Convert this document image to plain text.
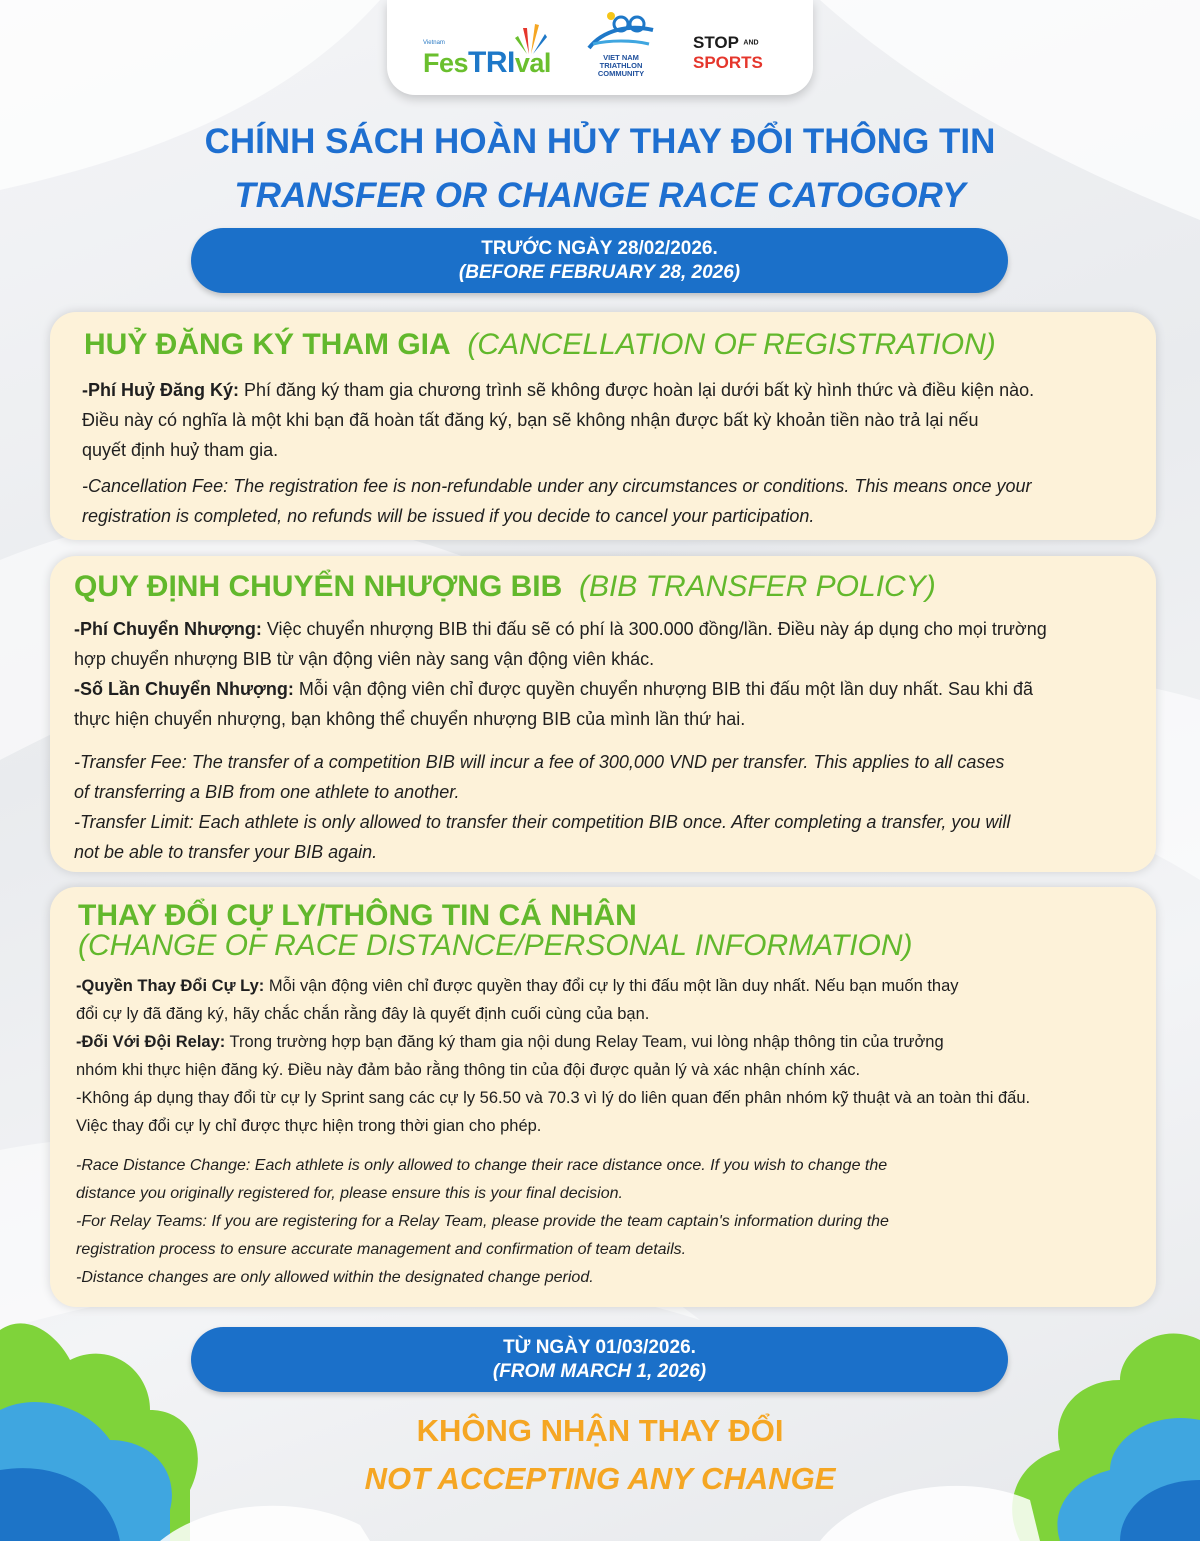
Vietnam
FesTRIval	VIET NAM
TRIATHLON
COMMUNITY
STOP AND
SPORTS
CHÍNH SÁCH HOÀN HỦY THAY ĐỔI THÔNG TIN
TRANSFER OR CHANGE RACE CATOGORY
TRƯỚC NGÀY 28/02/2026.
(BEFORE FEBRUARY 28, 2026)
HUỶ ĐĂNG KÝ THAM GIA (CANCELLATION OF REGISTRATION)
-Phí Huỷ Đăng Ký: Phí đăng ký tham gia chương trình sẽ không được hoàn lại dưới bất kỳ hình thức và điều kiện nào.
Điều này có nghĩa là một khi bạn đã hoàn tất đăng ký, bạn sẽ không nhận được bất kỳ khoản tiền nào trả lại nếu
quyết định huỷ tham gia.
-Cancellation Fee: The registration fee is non-refundable under any circumstances or conditions. This means once your
registration is completed, no refunds will be issued if you decide to cancel your participation.
QUY ĐỊNH CHUYỂN NHƯỢNG BIB (BIB TRANSFER POLICY)
-Phí Chuyển Nhượng: Việc chuyển nhượng BIB thi đấu sẽ có phí là 300.000 đồng/lần. Điều này áp dụng cho mọi trường
hợp chuyển nhượng BIB từ vận động viên này sang vận động viên khác.
-Số Lần Chuyển Nhượng: Mỗi vận động viên chỉ được quyền chuyển nhượng BIB thi đấu một lần duy nhất. Sau khi đã
thực hiện chuyển nhượng, bạn không thể chuyển nhượng BIB của mình lần thứ hai.
-Transfer Fee: The transfer of a competition BIB will incur a fee of 300,000 VND per transfer. This applies to all cases
of transferring a BIB from one athlete to another.
-Transfer Limit: Each athlete is only allowed to transfer their competition BIB once. After completing a transfer, you will
not be able to transfer your BIB again.
THAY ĐỔI CỰ LY/THÔNG TIN CÁ NHÂN
(CHANGE OF RACE DISTANCE/PERSONAL INFORMATION)
-Quyền Thay Đổi Cự Ly: Mỗi vận động viên chỉ được quyền thay đổi cự ly thi đấu một lần duy nhất. Nếu bạn muốn thay
đổi cự ly đã đăng ký, hãy chắc chắn rằng đây là quyết định cuối cùng của bạn.
-Đối Với Đội Relay: Trong trường hợp bạn đăng ký tham gia nội dung Relay Team, vui lòng nhập thông tin của trưởng
nhóm khi thực hiện đăng ký. Điều này đảm bảo rằng thông tin của đội được quản lý và xác nhận chính xác.
-Không áp dụng thay đổi từ cự ly Sprint sang các cự ly 56.50 và 70.3 vì lý do liên quan đến phân nhóm kỹ thuật và an toàn thi đấu.
Việc thay đổi cự ly chỉ được thực hiện trong thời gian cho phép.
-Race Distance Change: Each athlete is only allowed to change their race distance once. If you wish to change the
distance you originally registered for, please ensure this is your final decision.
-For Relay Teams: If you are registering for a Relay Team, please provide the team captain's information during the
registration process to ensure accurate management and confirmation of team details.
-Distance changes are only allowed within the designated change period.
TỪ NGÀY 01/03/2026.
(FROM MARCH 1, 2026)
KHÔNG NHẬN THAY ĐỔI
NOT ACCEPTING ANY CHANGE
